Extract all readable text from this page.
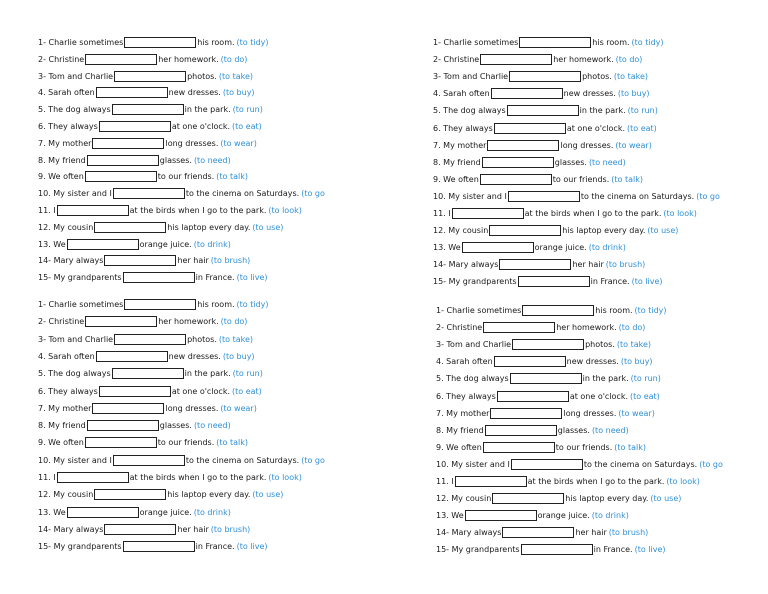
1- Charlie sometimes	his room. (to tidy)
2- Christine	her homework. (to do)
3- Tom and Charlie	photos. (to take)
4. Sarah often	new dresses. (to buy)
5. The dog always	in the park. (to run)
6. They always	at one o'clock. (to eat)
7. My mother	long dresses. (to wear)
8. My friend	glasses. (to need)
9. We often	to our friends. (to talk)
10. My sister and I	to the cinema on Saturdays. (to go
11. I	at the birds when I go to the park. (to look)
12. My cousin	his laptop every day. (to use)
13. We	orange juice. (to drink)
14- Mary always	her hair (to brush)
15- My grandparents	in France. (to live)
1- Charlie sometimes	his room. (to tidy)
2- Christine	her homework. (to do)
3- Tom and Charlie	photos. (to take)
4. Sarah often	new dresses. (to buy)
5. The dog always	in the park. (to run)
6. They always	at one o'clock. (to eat)
7. My mother	long dresses. (to wear)
8. My friend	glasses. (to need)
9. We often	to our friends. (to talk)
10. My sister and I	to the cinema on Saturdays. (to go
11. I	at the birds when I go to the park. (to look)
12. My cousin	his laptop every day. (to use)
13. We	orange juice. (to drink)
14- Mary always	her hair (to brush)
15- My grandparents	in France. (to live)
1- Charlie sometimes	his room. (to tidy)
2- Christine	her homework. (to do)
3- Tom and Charlie	photos. (to take)
4. Sarah often	new dresses. (to buy)
5. The dog always	in the park. (to run)
6. They always	at one o'clock. (to eat)
7. My mother	long dresses. (to wear)
8. My friend	glasses. (to need)
9. We often	to our friends. (to talk)
10. My sister and I	to the cinema on Saturdays. (to go
11. I	at the birds when I go to the park. (to look)
12. My cousin	his laptop every day. (to use)
13. We	orange juice. (to drink)
14- Mary always	her hair (to brush)
15- My grandparents	in France. (to live)
1- Charlie sometimes	his room. (to tidy)
2- Christine	her homework. (to do)
3- Tom and Charlie	photos. (to take)
4. Sarah often	new dresses. (to buy)
5. The dog always	in the park. (to run)
6. They always	at one o'clock. (to eat)
7. My mother	long dresses. (to wear)
8. My friend	glasses. (to need)
9. We often	to our friends. (to talk)
10. My sister and I	to the cinema on Saturdays. (to go
11. I	at the birds when I go to the park. (to look)
12. My cousin	his laptop every day. (to use)
13. We	orange juice. (to drink)
14- Mary always	her hair (to brush)
15- My grandparents	in France. (to live)
